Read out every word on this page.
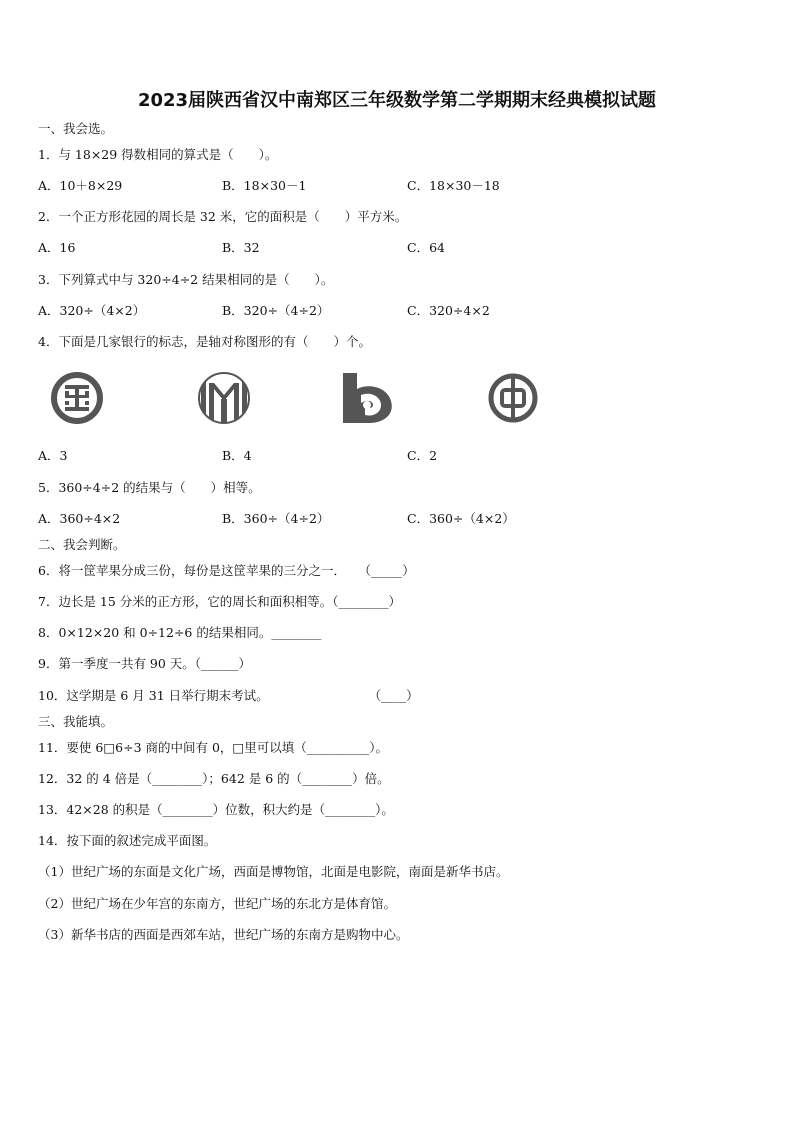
2023届陕西省汉中南郑区三年级数学第二学期期末经典模拟试题
一、我会选。
1．与 18×29 得数相同的算式是（　　）。
A．10＋8×29	B．18×30－1	C．18×30－18
2．一个正方形花园的周长是 32 米，它的面积是（　　）平方米。
A．16	B．32	C．64
3．下列算式中与 320÷4÷2 结果相同的是（　　）。
A．320÷（4×2）	B．320÷（4÷2）	C．320÷4×2
4．下面是几家银行的标志，是轴对称图形的有（　　）个。
A．3	B．4	C．2
5．360÷4÷2 的结果与（　　）相等。
A．360÷4×2	B．360÷（4÷2）	C．360÷（4×2）
二、我会判断。
6．将一筐苹果分成三份，每份是这筐苹果的三分之一．　　（_____）
7．边长是 15 分米的正方形，它的周长和面积相等。（________）
8．0×12×20 和 0÷12÷6 的结果相同。________
9．第一季度一共有 90 天。（______）
10．这学期是 6 月 31 日举行期末考试。　　　　　　　　　（____）
三、我能填。
11．要使 6□6÷3 商的中间有 0，□里可以填（__________）。
12．32 的 4 倍是（________）；642 是 6 的（________）倍。
13．42×28 的积是（________）位数，积大约是（________）。
14．按下面的叙述完成平面图。
（1）世纪广场的东面是文化广场，西面是博物馆，北面是电影院，南面是新华书店。
（2）世纪广场在少年宫的东南方，世纪广场的东北方是体育馆。
（3）新华书店的西面是西郊车站，世纪广场的东南方是购物中心。
